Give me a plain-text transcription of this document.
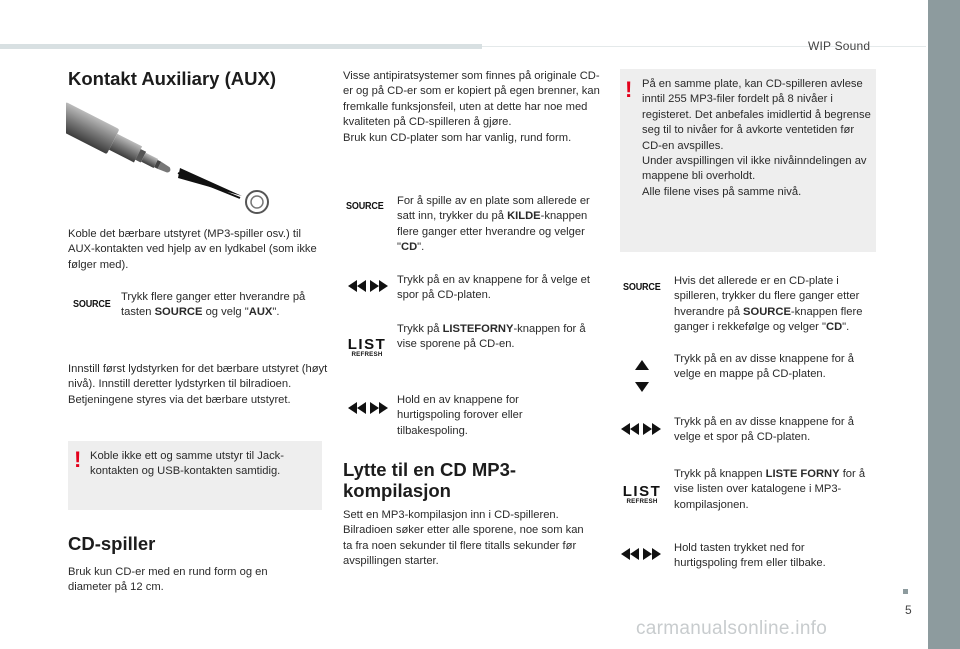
WIP Sound
Kontakt Auxiliary (AUX)
Koble det bærbare utstyret (MP3-spiller osv.) til AUX-kontakten ved hjelp av en lydkabel (som ikke følger med).
SOURCE
Trykk flere ganger etter hverandre på tasten SOURCE og velg "AUX".
Innstill først lydstyrken for det bærbare utstyret (høyt nivå). Innstill deretter lydstyrken til bilradioen. Betjeningene styres via det bærbare utstyret.
! Koble ikke ett og samme utstyr til Jack-kontakten og USB-kontakten samtidig.
CD-spiller
Bruk kun CD-er med en rund form og en diameter på 12 cm.
Visse antipiratsystemer som finnes på originale CD-er og på CD-er som er kopiert på egen brenner, kan fremkalle funksjonsfeil, uten at dette har noe med kvaliteten på CD-spilleren å gjøre.
Bruk kun CD-plater som har vanlig, rund form.
SOURCE For å spille av en plate som allerede er satt inn, trykker du på KILDE-knappen flere ganger etter hverandre og velger "CD".
Trykk på en av knappene for å velge et spor på CD-platen.
LIST
REFRESH
Trykk på LISTEFORNY-knappen for å vise sporene på CD-en.
Hold en av knappene for hurtigspoling forover eller tilbakespoling.
Lytte til en CD MP3-kompilasjon
Sett en MP3-kompilasjon inn i CD-spilleren. Bilradioen søker etter alle sporene, noe som kan ta fra noen sekunder til flere titalls sekunder før avspillingen starter.
! På en samme plate, kan CD-spilleren avlese inntil 255 MP3-filer fordelt på 8 nivåer i registeret. Det anbefales imidlertid å begrense seg til to nivåer for å avkorte ventetiden før CD-en avspilles.
Under avspillingen vil ikke nivåinndelingen av mappene bli overholdt.
Alle filene vises på samme nivå.
SOURCE Hvis det allerede er en CD-plate i spilleren, trykker du flere ganger etter hverandre på SOURCE-knappen flere ganger i rekkefølge og velger "CD".
Trykk på en av disse knappene for å velge en mappe på CD-platen.
Trykk på en av disse knappene for å velge et spor på CD-platen.
LIST
REFRESH
Trykk på knappen LISTE FORNY for å vise listen over katalogene i MP3-kompilasjonen.
Hold tasten trykket ned for hurtigspoling frem eller tilbake.
5
carmanualsonline.info
